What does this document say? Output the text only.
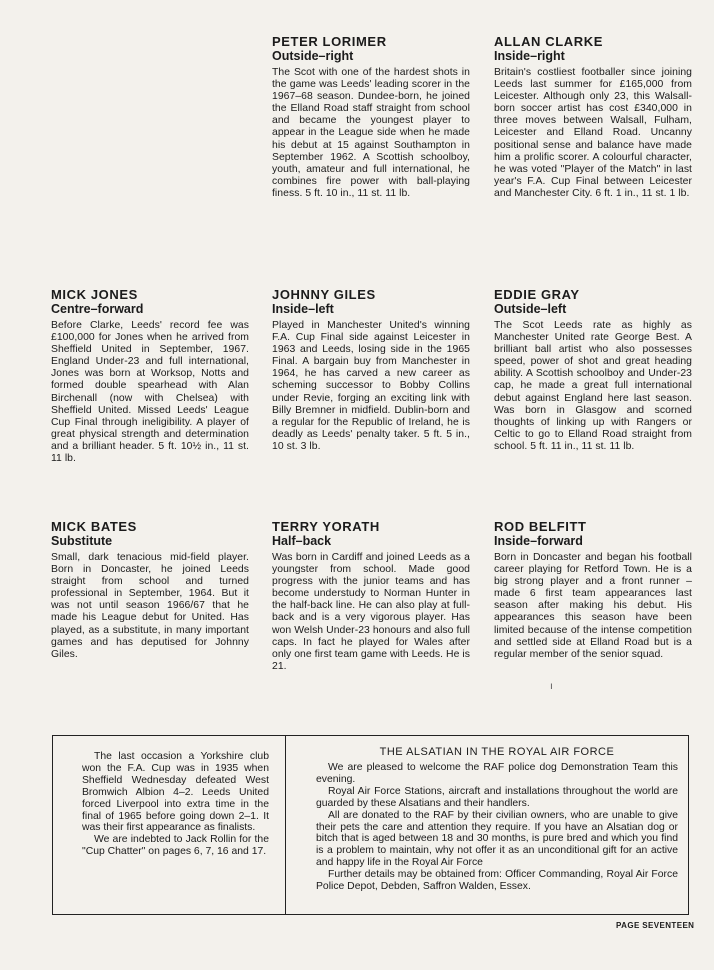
PETER LORIMER

Outside–right

The Scot with one of the hardest shots in the game was Leeds' leading scorer in the 1967–68 season. Dundee-born, he joined the Elland Road staff straight from school and became the youngest player to appear in the League side when he made his debut at 15 against Southampton in September 1962. A Scottish schoolboy, youth, amateur and full international, he combines fire power with ball-playing finess. 5 ft. 10 in., 11 st. 11 lb.

ALLAN CLARKE

Inside–right

Britain's costliest footballer since joining Leeds last summer for £165,000 from Leicester. Although only 23, this Walsall-born soccer artist has cost £340,000 in three moves between Walsall, Fulham, Leicester and Elland Road. Uncanny positional sense and balance have made him a prolific scorer. A colourful character, he was voted "Player of the Match" in last year's F.A. Cup Final between Leicester and Manchester City. 6 ft. 1 in., 11 st. 1 lb.

MICK JONES

Centre–forward

Before Clarke, Leeds' record fee was £100,000 for Jones when he arrived from Sheffield United in September, 1967. England Under-23 and full international, Jones was born at Worksop, Notts and formed double spearhead with Alan Birchenall (now with Chelsea) with Sheffield United. Missed Leeds' League Cup Final through ineligibility. A player of great physical strength and determination and a brilliant header. 5 ft. 10½ in., 11 st. 11 lb.

JOHNNY GILES

Inside–left

Played in Manchester United's winning F.A. Cup Final side against Leicester in 1963 and Leeds, losing side in the 1965 Final. A bargain buy from Manchester in 1964, he has carved a new career as scheming successor to Bobby Collins under Revie, forging an exciting link with Billy Bremner in midfield. Dublin-born and a regular for the Republic of Ireland, he is deadly as Leeds' penalty taker. 5 ft. 5 in., 10 st. 3 lb.

EDDIE GRAY

Outside–left

The Scot Leeds rate as highly as Manchester United rate George Best. A brilliant ball artist who also possesses speed, power of shot and great heading ability. A Scottish schoolboy and Under-23 cap, he made a great full international debut against England here last season. Was born in Glasgow and scorned thoughts of linking up with Rangers or Celtic to go to Elland Road straight from school. 5 ft. 11 in., 11 st. 11 lb.

MICK BATES

Substitute

Small, dark tenacious mid-field player. Born in Doncaster, he joined Leeds straight from school and turned professional in September, 1964. But it was not until season 1966/67 that he made his League debut for United. Has played, as a substitute, in many important games and has deputised for Johnny Giles.

TERRY YORATH

Half–back

Was born in Cardiff and joined Leeds as a youngster from school. Made good progress with the junior teams and has become understudy to Norman Hunter in the half-back line. He can also play at full-back and is a very vigorous player. Has won Welsh Under-23 honours and also full caps. In fact he played for Wales after only one first team game with Leeds. He is 21.

ROD BELFITT

Inside–forward

Born in Doncaster and began his football career playing for Retford Town. He is a big strong player and a front runner – made 6 first team appearances last season after making his debut. His appearances this season have been limited because of the intense competition and settled side at Elland Road but is a regular member of the senior squad.

ı

The last occasion a Yorkshire club won the F.A. Cup was in 1935 when Sheffield Wednesday defeated West Bromwich Albion 4–2. Leeds United forced Liverpool into extra time in the final of 1965 before going down 2–1. It was their first appearance as finalists.

We are indebted to Jack Rollin for the "Cup Chatter" on pages 6, 7, 16 and 17.

THE ALSATIAN IN THE ROYAL AIR FORCE

We are pleased to welcome the RAF police dog Demonstration Team this evening.

Royal Air Force Stations, aircraft and installations throughout the world are guarded by these Alsatians and their handlers.

All are donated to the RAF by their civilian owners, who are unable to give their pets the care and attention they require. If you have an Alsatian dog or bitch that is aged between 18 and 30 months, is pure bred and which you find is a problem to maintain, why not offer it as an unconditional gift for an active and happy life in the Royal Air Force

Further details may be obtained from: Officer Commanding, Royal Air Force Police Depot, Debden, Saffron Walden, Essex.

PAGE SEVENTEEN
